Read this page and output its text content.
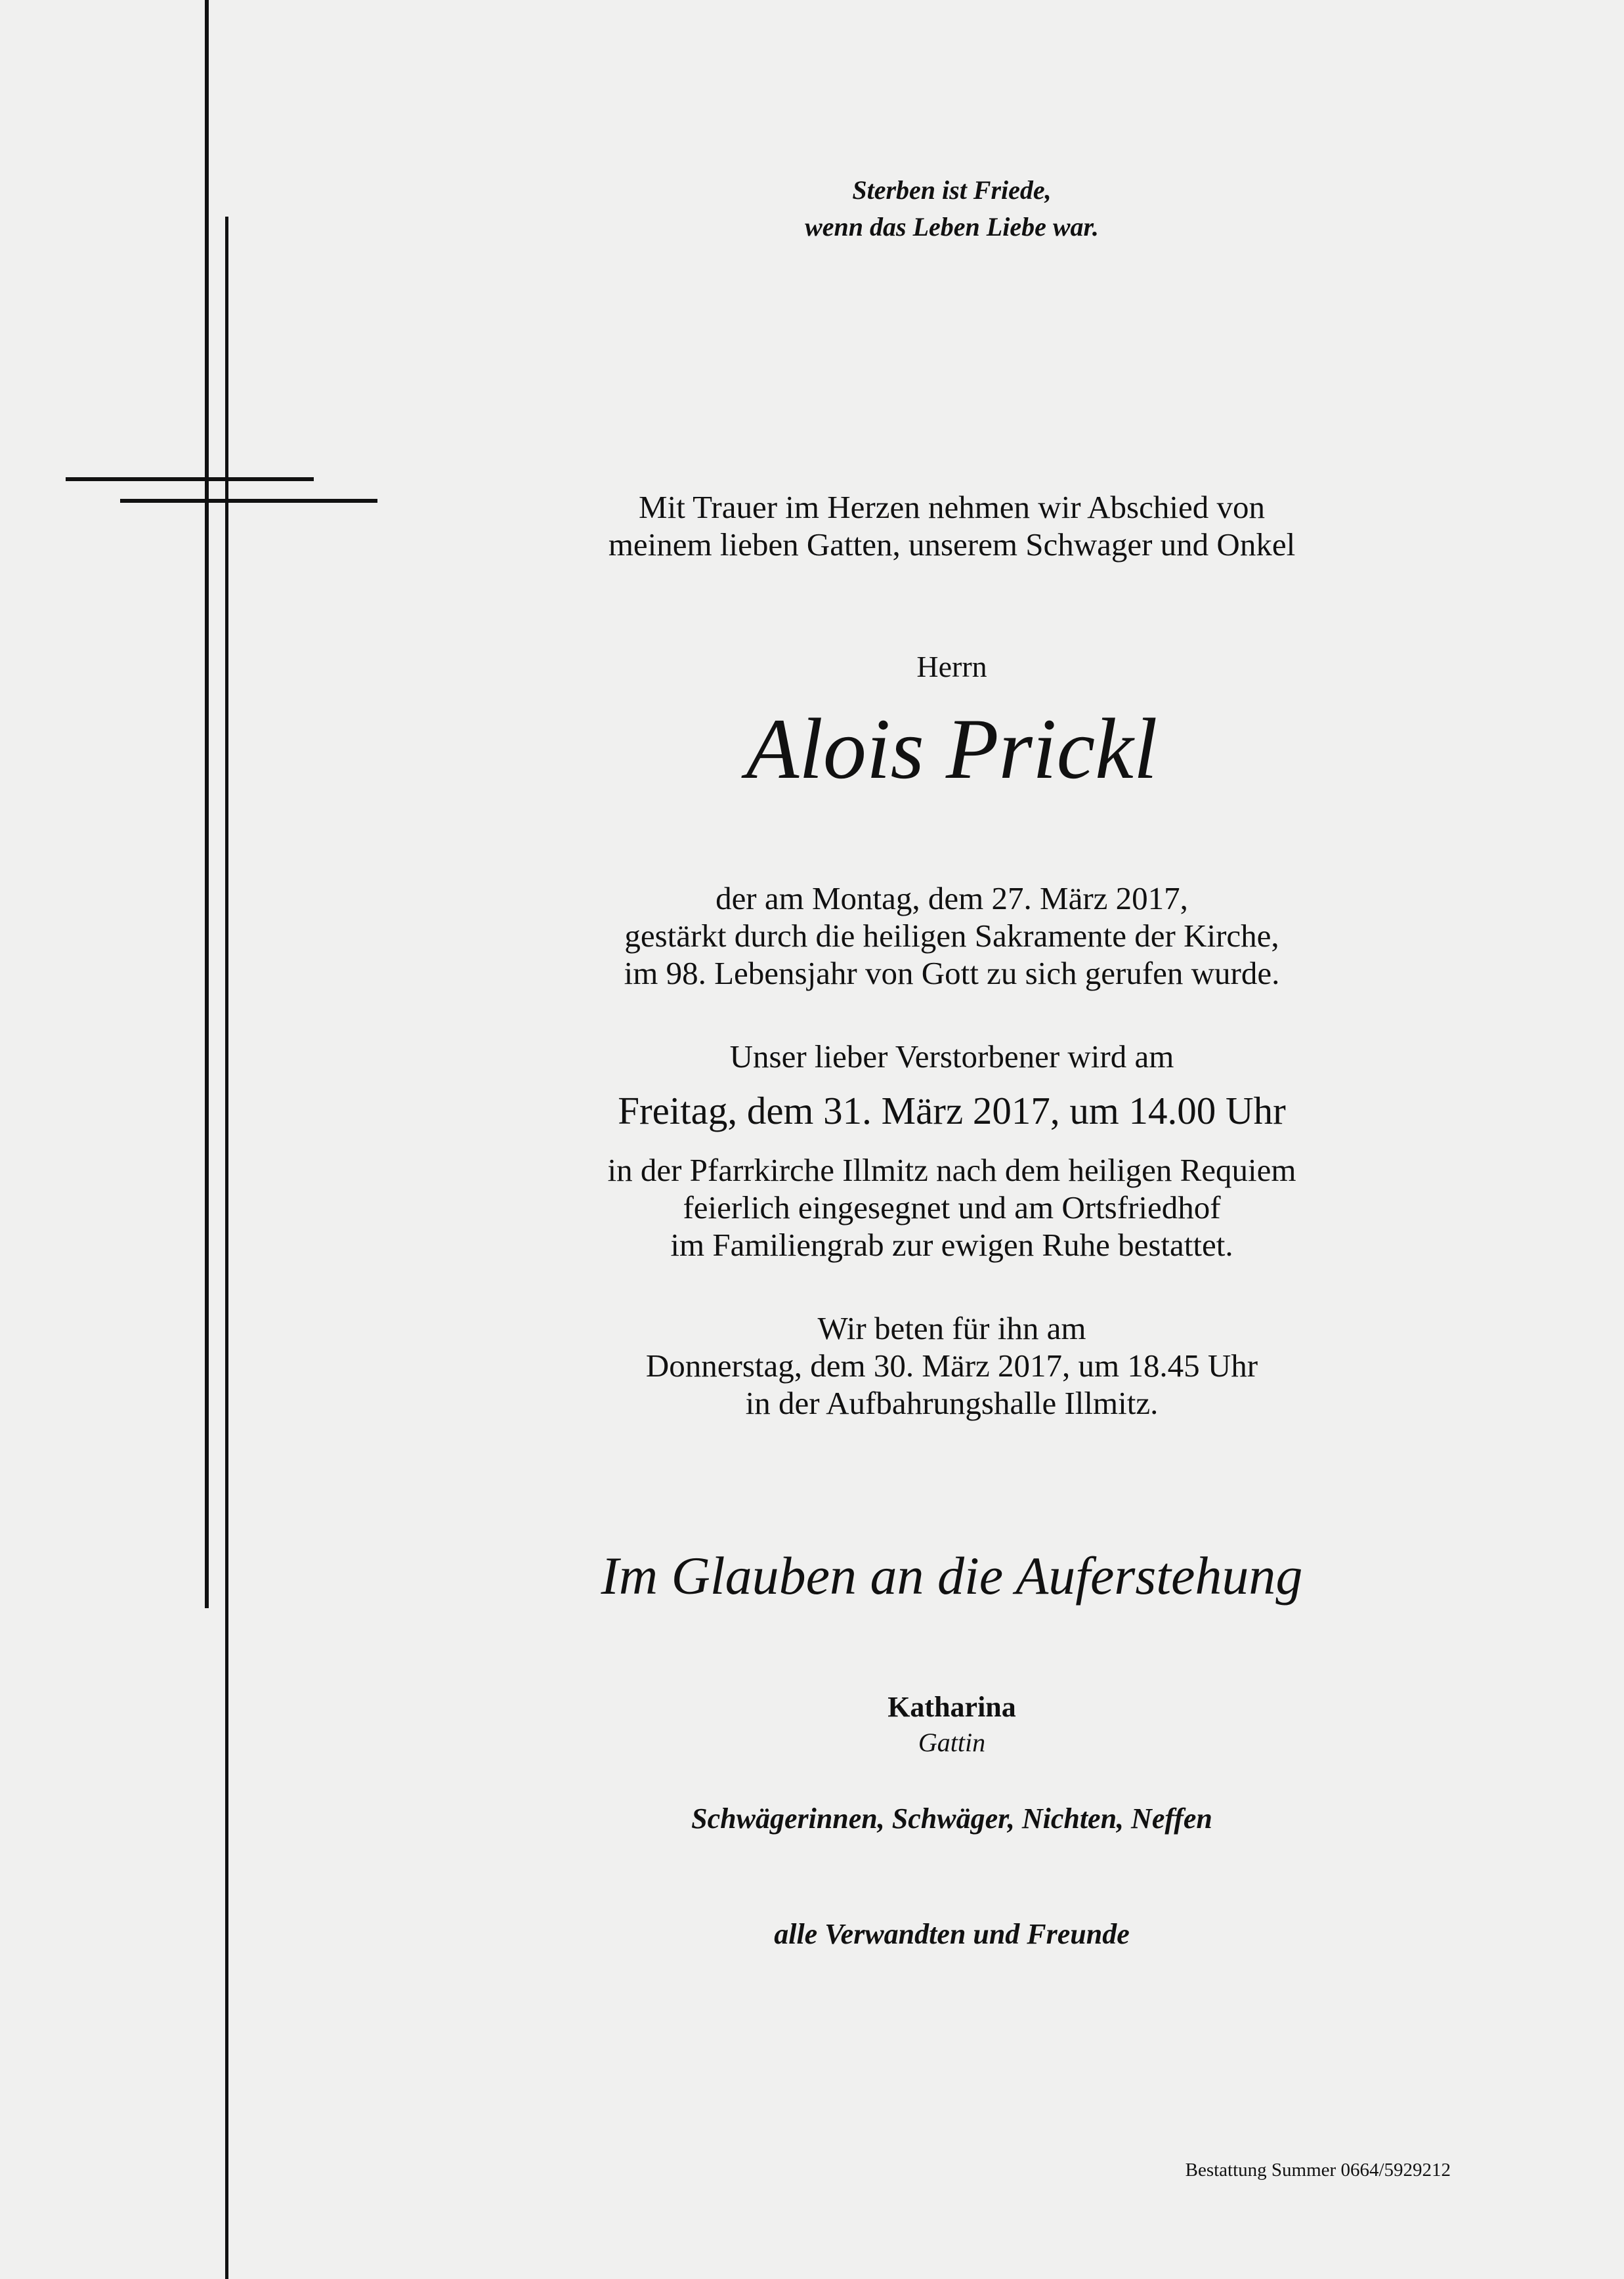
Sterben ist Friede,
wenn das Leben Liebe war.
Mit Trauer im Herzen nehmen wir Abschied von
meinem lieben Gatten, unserem Schwager und Onkel
Herrn
Alois Prickl
der am Montag, dem 27. März 2017,
gestärkt durch die heiligen Sakramente der Kirche,
im 98. Lebensjahr von Gott zu sich gerufen wurde.
Unser lieber Verstorbener wird am
Freitag, dem 31. März 2017, um 14.00 Uhr
in der Pfarrkirche Illmitz nach dem heiligen Requiem
feierlich eingesegnet und am Ortsfriedhof
im Familiengrab zur ewigen Ruhe bestattet.
Wir beten für ihn am
Donnerstag, dem 30. März 2017, um 18.45 Uhr
in der Aufbahrungshalle Illmitz.
Im Glauben an die Auferstehung
Katharina
Gattin
Schwägerinnen, Schwäger, Nichten, Neffen
alle Verwandten und Freunde
Bestattung Summer 0664/5929212
